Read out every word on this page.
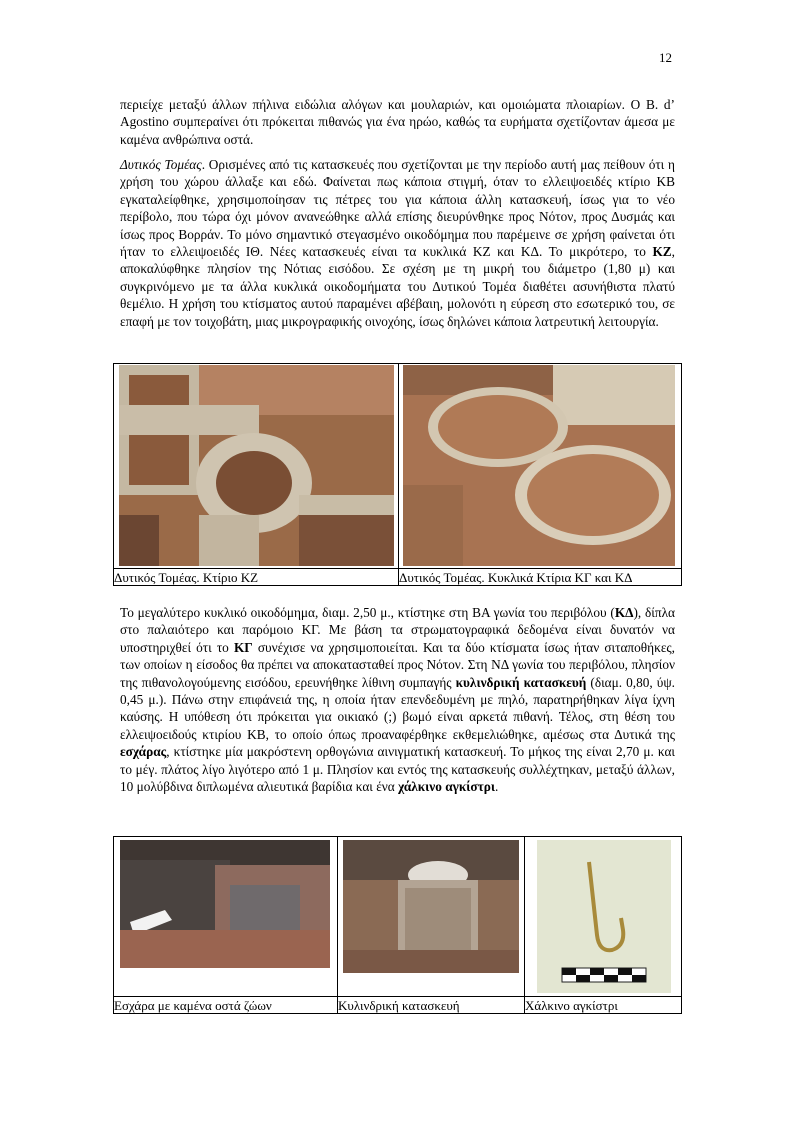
12

περιείχε μεταξύ άλλων πήλινα ειδώλια αλόγων και μουλαριών, και ομοιώματα πλοιαρίων. Ο Β. d’ Agostino συμπεραίνει ότι πρόκειται πιθανώς για ένα ηρώο, καθώς τα ευρήματα σχετίζονταν άμεσα με καμένα ανθρώπινα οστά.

Δυτικός Τομέας. Ορισμένες από τις κατασκευές που σχετίζονται με την περίοδο αυτή μας πείθουν ότι η χρήση του χώρου άλλαξε και εδώ. Φαίνεται πως κάποια στιγμή, όταν το ελλειψοειδές κτίριο ΚΒ εγκαταλείφθηκε, χρησιμοποίησαν τις πέτρες του για κάποια άλλη κατασκευή, ίσως για το νέο περίβολο, που τώρα όχι μόνον ανανεώθηκε αλλά επίσης διευρύνθηκε προς Νότον, προς Δυσμάς και ίσως προς Βορράν. Το μόνο σημαντικό στεγασμένο οικοδόμημα που παρέμεινε σε χρήση φαίνεται ότι ήταν το ελλειψοειδές ΙΘ. Νέες κατασκευές είναι τα κυκλικά ΚΖ και ΚΔ. Το μικρότερο, το ΚΖ, αποκαλύφθηκε πλησίον της Νότιας εισόδου. Σε σχέση με τη μικρή του διάμετρο (1,80 μ) και συγκρινόμενο με τα άλλα κυκλικά οικοδομήματα του Δυτικού Τομέα διαθέτει ασυνήθιστα πλατύ θεμέλιο. Η χρήση του κτίσματος αυτού παραμένει αβέβαιη, μολονότι η εύρεση στο εσωτερικό του, σε επαφή με τον τοιχοβάτη, μιας μικρογραφικής οινοχόης, ίσως δηλώνει κάποια λατρευτική λειτουργία.

Δυτικός Τομέας. Κτίριο ΚΖ	Δυτικός Τομέας. Κυκλικά Κτίρια ΚΓ και ΚΔ

Το μεγαλύτερο κυκλικό οικοδόμημα, διαμ. 2,50 μ., κτίστηκε στη ΒΑ γωνία του περιβόλου (ΚΔ), δίπλα στο παλαιότερο και παρόμοιο ΚΓ. Με βάση τα στρωματογραφικά δεδομένα είναι δυνατόν να υποστηριχθεί ότι το ΚΓ συνέχισε να χρησιμοποιείται. Και τα δύο κτίσματα ίσως ήταν σιταποθήκες, των οποίων η είσοδος θα πρέπει να αποκατασταθεί προς Νότον. Στη ΝΔ γωνία του περιβόλου, πλησίον της πιθανολογούμενης εισόδου, ερευνήθηκε λίθινη συμπαγής κυλινδρική κατασκευή (διαμ. 0,80, ύψ. 0,45 μ.). Πάνω στην επιφάνειά της, η οποία ήταν επενδεδυμένη με πηλό, παρατηρήθηκαν λίγα ίχνη καύσης. Η υπόθεση ότι πρόκειται για οικιακό (;) βωμό είναι αρκετά πιθανή. Τέλος, στη θέση του ελλειψοειδούς κτιρίου ΚΒ, το οποίο όπως προαναφέρθηκε εκθεμελιώθηκε, αμέσως στα Δυτικά της εσχάρας, κτίστηκε μία μακρόστενη ορθογώνια αινιγματική κατασκευή. Το μήκος της είναι 2,70 μ. και το μέγ. πλάτος λίγο λιγότερο από 1 μ. Πλησίον και εντός της κατασκευής συλλέχτηκαν, μεταξύ άλλων, 10 μολύβδινα διπλωμένα αλιευτικά βαρίδια και ένα χάλκινο αγκίστρι.

Εσχάρα με καμένα οστά ζώων	Κυλινδρική κατασκευή	Χάλκινο αγκίστρι
